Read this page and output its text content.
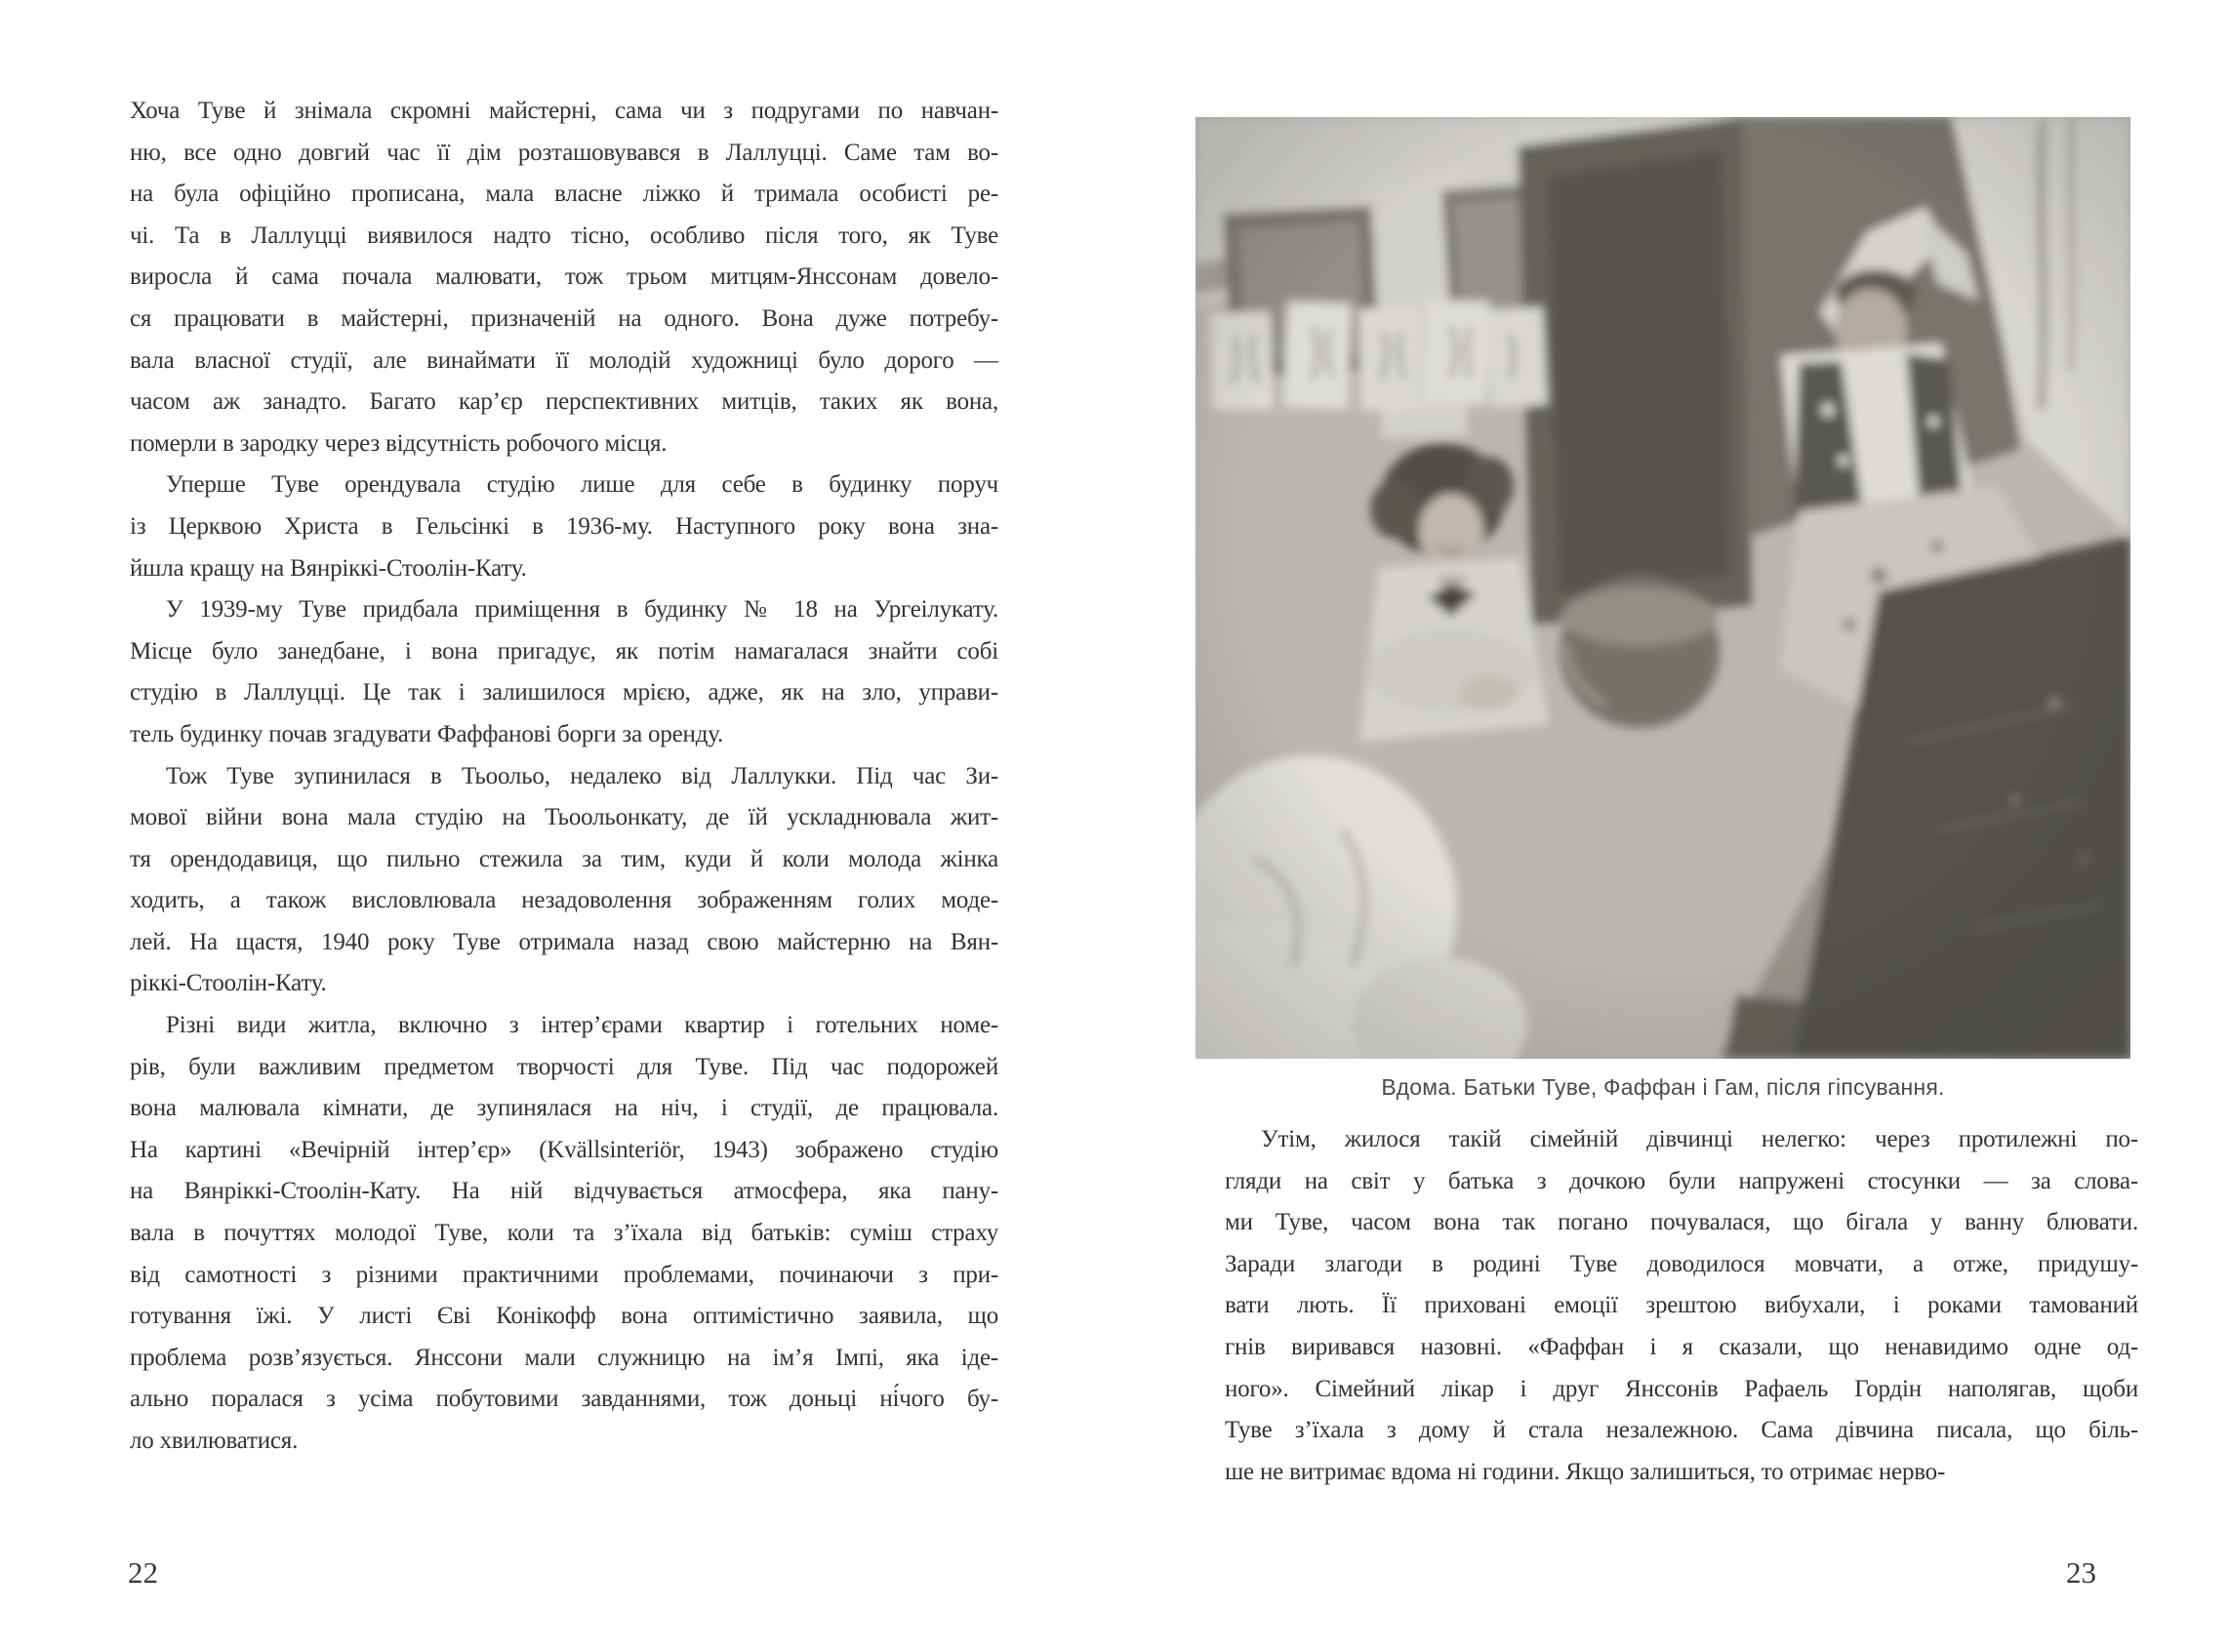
Хоча Туве й знімала скромні майстерні, сама чи з подругами по навчан-
ню, все одно довгий час її дім розташовувався в Лаллуцці. Саме там во-
на була офіційно прописана, мала власне ліжко й тримала особисті ре-
чі. Та в Лаллуцці виявилося надто тісно, особливо після того, як Туве
виросла й сама почала малювати, тож трьом митцям-Янссонам довело-
ся працювати в майстерні, призначеній на одного. Вона дуже потребу-
вала власної студії, але винаймати її молодій художниці було дорого —
часом аж занадто. Багато кар’єр перспективних митців, таких як вона,
померли в зародку через відсутність робочого місця.
Уперше Туве орендувала студію лише для себе в будинку поруч
із Церквою Христа в Гельсінкі в 1936-му. Наступного року вона зна-
йшла кращу на Вянріккі-Стоолін-Кату.
У 1939-му Туве придбала приміщення в будинку № 18 на Ургеілукату.
Місце було занедбане, і вона пригадує, як потім намагалася знайти собі
студію в Лаллуцці. Це так і залишилося мрією, адже, як на зло, управи-
тель будинку почав згадувати Фаффанові борги за оренду.
Тож Туве зупинилася в Тьоольо, недалеко від Лаллукки. Під час Зи-
мової війни вона мала студію на Тьоольонкату, де їй ускладнювала жит-
тя орендодавиця, що пильно стежила за тим, куди й коли молода жінка
ходить, а також висловлювала незадоволення зображенням голих моде-
лей. На щастя, 1940 року Туве отримала назад свою майстерню на Вян-
ріккі-Стоолін-Кату.
Різні види житла, включно з інтер’єрами квартир і готельних номе-
рів, були важливим предметом творчості для Туве. Під час подорожей
вона малювала кімнати, де зупинялася на ніч, і студії, де працювала.
На картині «Вечірній інтер’єр» (Kvällsinteriör, 1943) зображено студію
на Вянріккі-Стоолін-Кату. На ній відчувається атмосфера, яка пану-
вала в почуттях молодої Туве, коли та з’їхала від батьків: суміш страху
від самотності з різними практичними проблемами, починаючи з при-
готування їжі. У листі Єві Конікофф вона оптимістично заявила, що
проблема розв’язується. Янссони мали служницю на ім’я Імпі, яка іде-
ально поралася з усіма побутовими завданнями, тож доньці ні́чого бу-
ло хвилюватися.
22
Вдома. Батьки Туве, Фаффан і Гам, після гіпсування.
Утім, жилося такій сімейній дівчинці нелегко: через протилежні по-
гляди на світ у батька з дочкою були напружені стосунки — за слова-
ми Туве, часом вона так погано почувалася, що бігала у ванну блювати.
Заради злагоди в родині Туве доводилося мовчати, а отже, придушу-
вати лють. Її приховані емоції зрештою вибухали, і роками тамований
гнів виривався назовні. «Фаффан і я сказали, що ненавидимо одне од-
ного». Сімейний лікар і друг Янссонів Рафаель Гордін наполягав, щоби
Туве з’їхала з дому й стала незалежною. Сама дівчина писала, що біль-
ше не витримає вдома ні години. Якщо залишиться, то отримає нерво-
23
